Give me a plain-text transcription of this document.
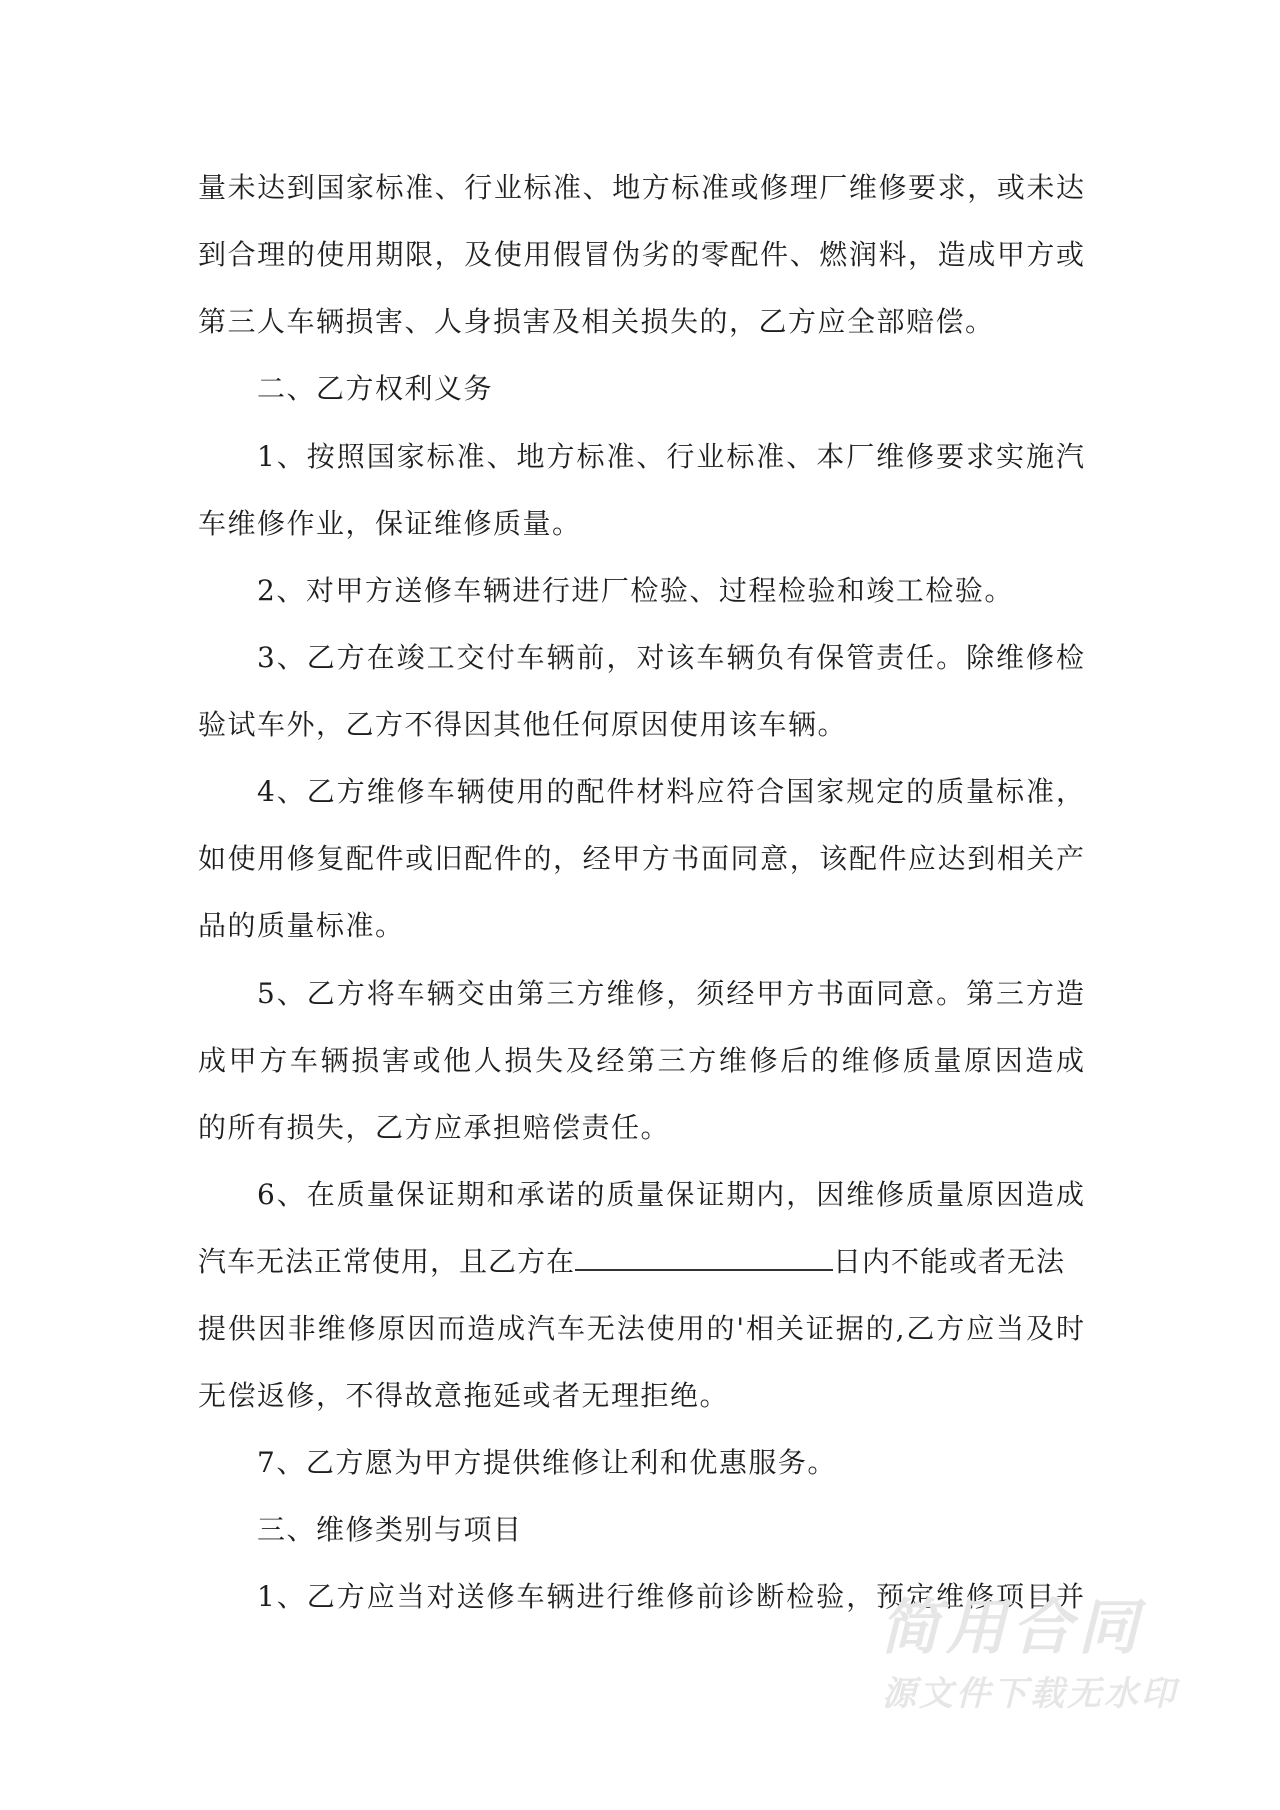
量未达到国家标准、行业标准、地方标准或修理厂维修要求，或未达
到合理的使用期限，及使用假冒伪劣的零配件、燃润料，造成甲方或
第三人车辆损害、人身损害及相关损失的，乙方应全部赔偿。
二、乙方权利义务
1、按照国家标准、地方标准、行业标准、本厂维修要求实施汽
车维修作业，保证维修质量。
2、对甲方送修车辆进行进厂检验、过程检验和竣工检验。
3、乙方在竣工交付车辆前，对该车辆负有保管责任。除维修检
验试车外，乙方不得因其他任何原因使用该车辆。
4、乙方维修车辆使用的配件材料应符合国家规定的质量标准，
如使用修复配件或旧配件的，经甲方书面同意，该配件应达到相关产
品的质量标准。
5、乙方将车辆交由第三方维修，须经甲方书面同意。第三方造
成甲方车辆损害或他人损失及经第三方维修后的维修质量原因造成
的所有损失，乙方应承担赔偿责任。
6、在质量保证期和承诺的质量保证期内，因维修质量原因造成
汽车无法正常使用，且乙方在	日内不能或者无法
提供因非维修原因而造成汽车无法使用的'相关证据的,乙方应当及时
无偿返修，不得故意拖延或者无理拒绝。
7、乙方愿为甲方提供维修让利和优惠服务。
三、维修类别与项目
1、乙方应当对送修车辆进行维修前诊断检验，预定维修项目并
简用合同
源文件下载无水印
